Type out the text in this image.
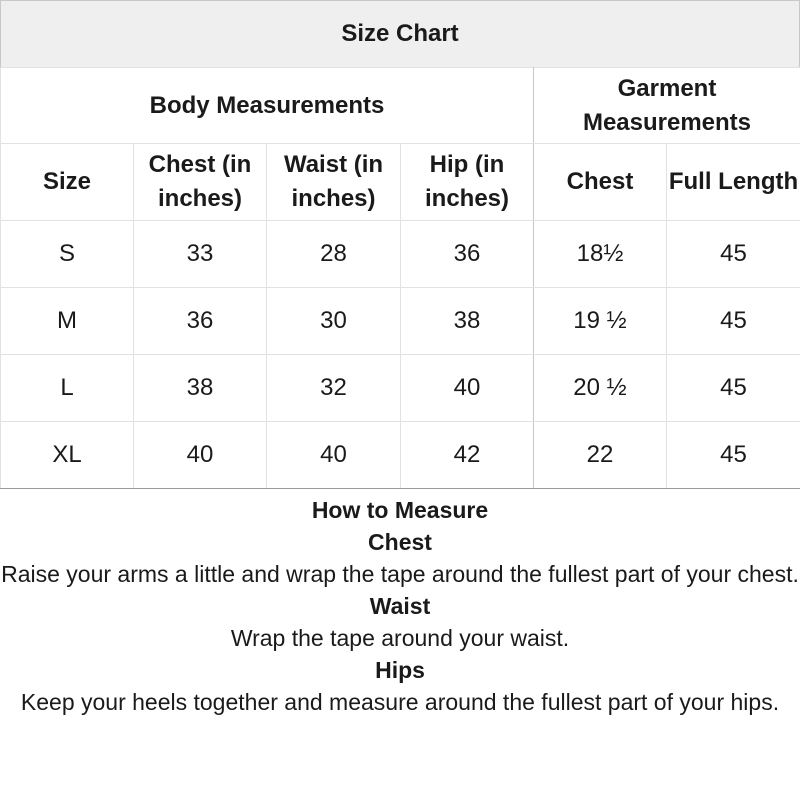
Size Chart
Body Measurements				Garment Measurements	
Size	Chest (in inches)	Waist (in inches)	Hip (in inches)	Chest	Full Length
S	33	28	36	18½	45
M	36	30	38	19 ½	45
L	38	32	40	20 ½	45
XL	40	40	42	22	45

How to Measure

Chest

Raise your arms a little and wrap the tape around the fullest part of your chest.

Waist

Wrap the tape around your waist.

Hips

Keep your heels together and measure around the fullest part of your hips.
